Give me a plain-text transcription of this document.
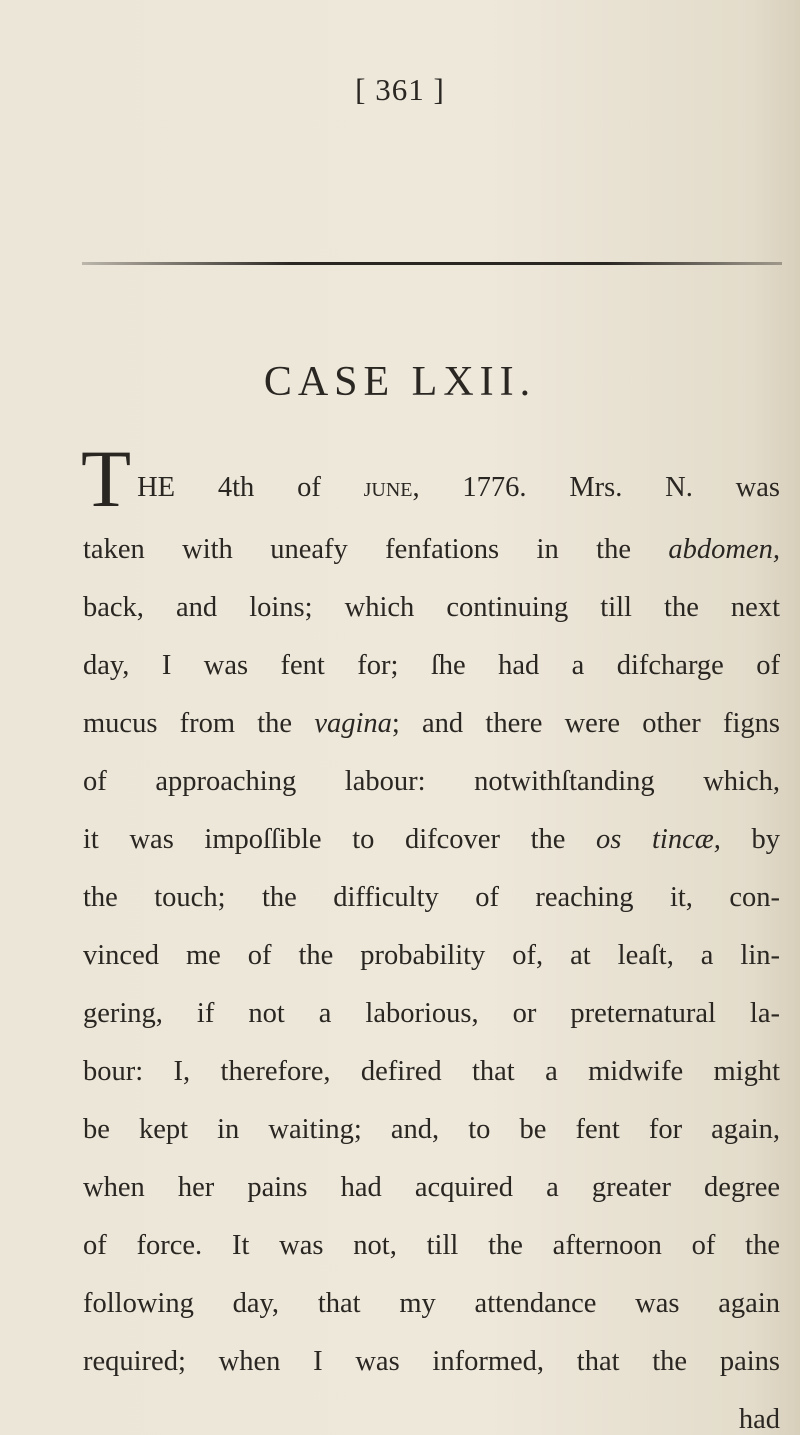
[ 361 ]
CASE LXII.
THE 4th of june, 1776. Mrs. N. was
taken with uneafy fenfations in the abdomen,
back, and loins; which continuing till the next
day, I was fent for; ſhe had a difcharge of
mucus from the vagina; and there were other figns
of approaching labour: notwithſtanding which,
it was impoſſible to difcover the os tincæ, by
the touch; the difficulty of reaching it, con-
vinced me of the probability of, at leaſt, a lin-
gering, if not a laborious, or preternatural la-
bour: I, therefore, defired that a midwife might
be kept in waiting; and, to be fent for again,
when her pains had acquired a greater degree
of force. It was not, till the afternoon of the
following day, that my attendance was again
required; when I was informed, that the pains
had
